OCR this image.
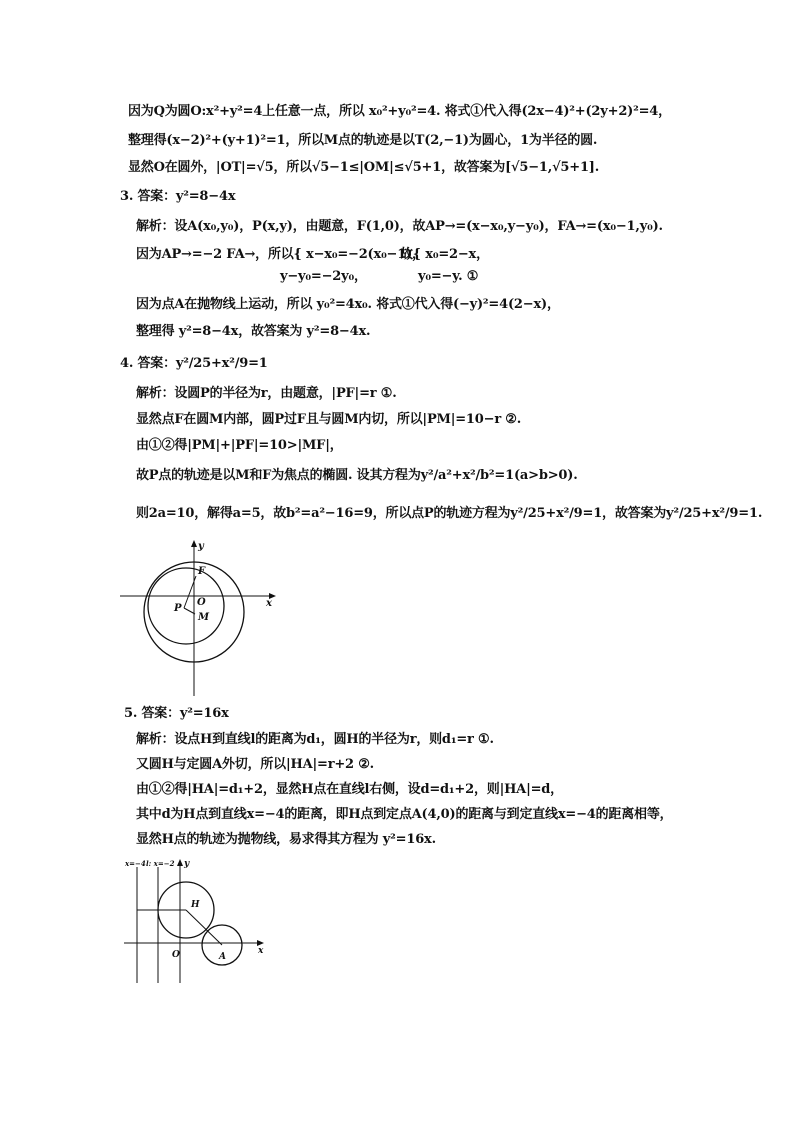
因为Q为圆O:x²+y²=4上任意一点，所以 x₀²+y₀²=4. 将式①代入得(2x−4)²+(2y+2)²=4，
整理得(x−2)²+(y+1)²=1，所以M点的轨迹是以T(2,−1)为圆心，1为半径的圆.
显然O在圆外，|OT|=√5，所以√5−1≤|OM|≤√5+1，故答案为[√5−1,√5+1].
3. 答案：y²=8−4x
解析：设A(x₀,y₀)，P(x,y)，由题意，F(1,0)，故AP→=(x−x₀,y−y₀)，FA→=(x₀−1,y₀).
因为AP→=−2 FA→，所以{ x−x₀=−2(x₀−1)，
故{ x₀=2−x，
y−y₀=−2y₀，	y₀=−y. ①
因为点A在抛物线上运动，所以 y₀²=4x₀. 将式①代入得(−y)²=4(2−x)，
整理得 y²=8−4x，故答案为 y²=8−4x.
4. 答案：y²/25+x²/9=1
解析：设圆P的半径为r，由题意，|PF|=r ①.
显然点F在圆M内部，圆P过F且与圆M内切，所以|PM|=10−r ②.
由①②得|PM|+|PF|=10>|MF|，
故P点的轨迹是以M和F为焦点的椭圆. 设其方程为y²/a²+x²/b²=1(a>b>0).
则2a=10，解得a=5，故b²=a²−16=9，所以点P的轨迹方程为y²/25+x²/9=1，故答案为y²/25+x²/9=1.
y
x
F
O
P
M
5. 答案：y²=16x
解析：设点H到直线l的距离为d₁，圆H的半径为r，则d₁=r ①.
又圆H与定圆A外切，所以|HA|=r+2 ②.
由①②得|HA|=d₁+2，显然H点在直线l右侧，设d=d₁+2，则|HA|=d，
其中d为H点到直线x=−4的距离，即H点到定点A(4,0)的距离与到定直线x=−4的距离相等，
显然H点的轨迹为抛物线，易求得其方程为 y²=16x.
x=−4 l: x=−2 y
H
O	A
x
